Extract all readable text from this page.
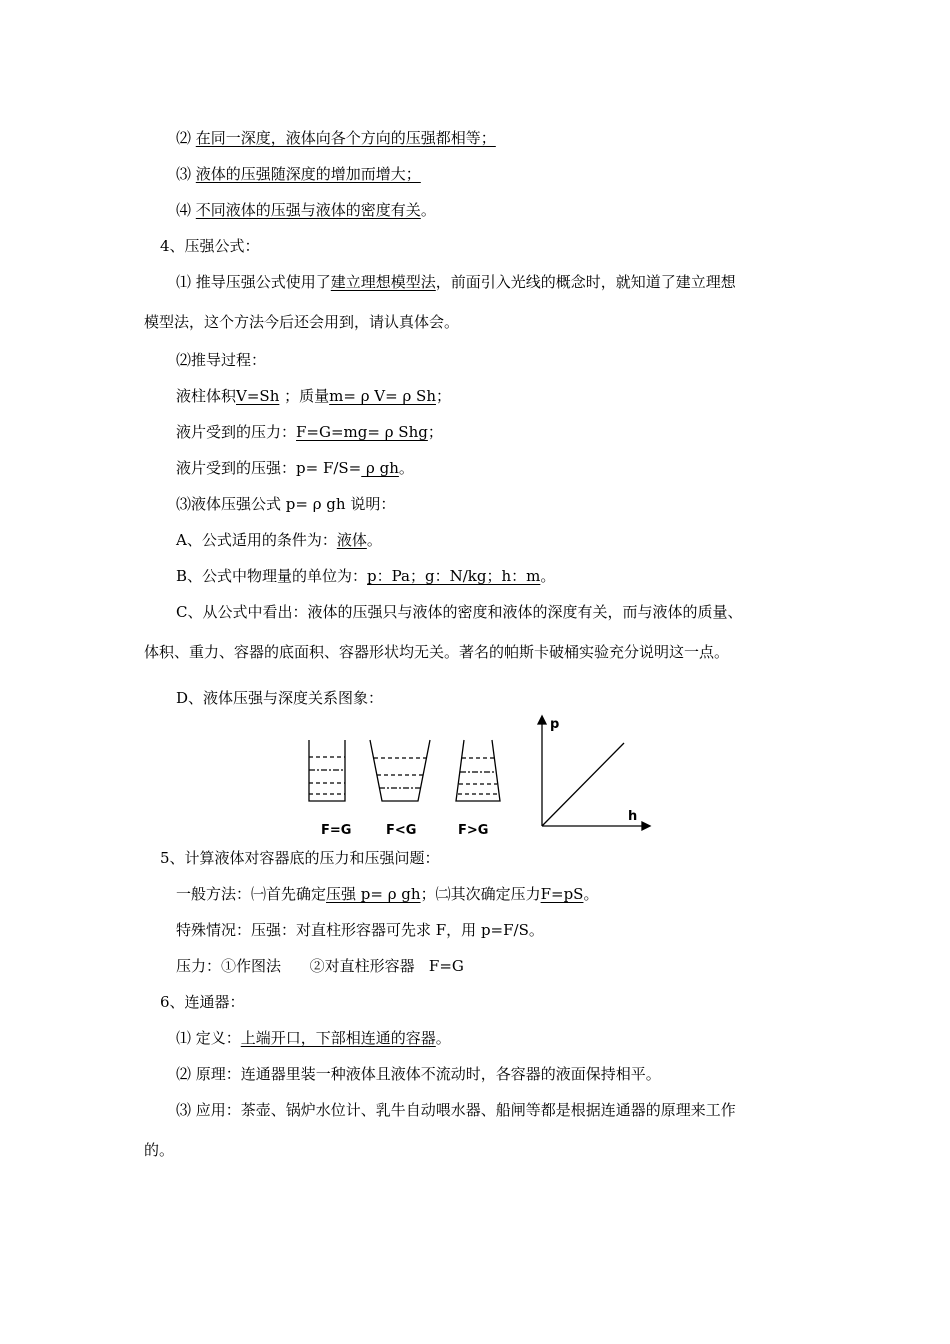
⑵ 在同一深度，液体向各个方向的压强都相等；
⑶ 液体的压强随深度的增加而增大；
⑷ 不同液体的压强与液体的密度有关。
4、压强公式：
⑴ 推导压强公式使用了建立理想模型法，前面引入光线的概念时，就知道了建立理想
模型法，这个方法今后还会用到，请认真体会。
⑵推导过程：
液柱体积V=Sh ；质量m= ρ V= ρ Sh；
液片受到的压力：F=G=mg= ρ Shg；
液片受到的压强：p= F/S= ρ gh。
⑶液体压强公式 p= ρ gh 说明：
A、公式适用的条件为：液体。
B、公式中物理量的单位为：p：Pa；g：N/kg；h：m。
C、从公式中看出：液体的压强只与液体的密度和液体的深度有关，而与液体的质量、
体积、重力、容器的底面积、容器形状均无关。著名的帕斯卡破桶实验充分说明这一点。
D、液体压强与深度关系图象：
F=G	F<G	F>G
p
h
5、计算液体对容器底的压力和压强问题：
一般方法：㈠首先确定压强 p= ρ gh；㈡其次确定压力F=pS。
特殊情况：压强：对直柱形容器可先求 F，用 p=F/S。
压力：①作图法      ②对直柱形容器   F=G
6、连通器：
⑴ 定义：上端开口，下部相连通的容器。
⑵ 原理：连通器里装一种液体且液体不流动时，各容器的液面保持相平。
⑶ 应用：茶壶、锅炉水位计、乳牛自动喂水器、船闸等都是根据连通器的原理来工作
的。
